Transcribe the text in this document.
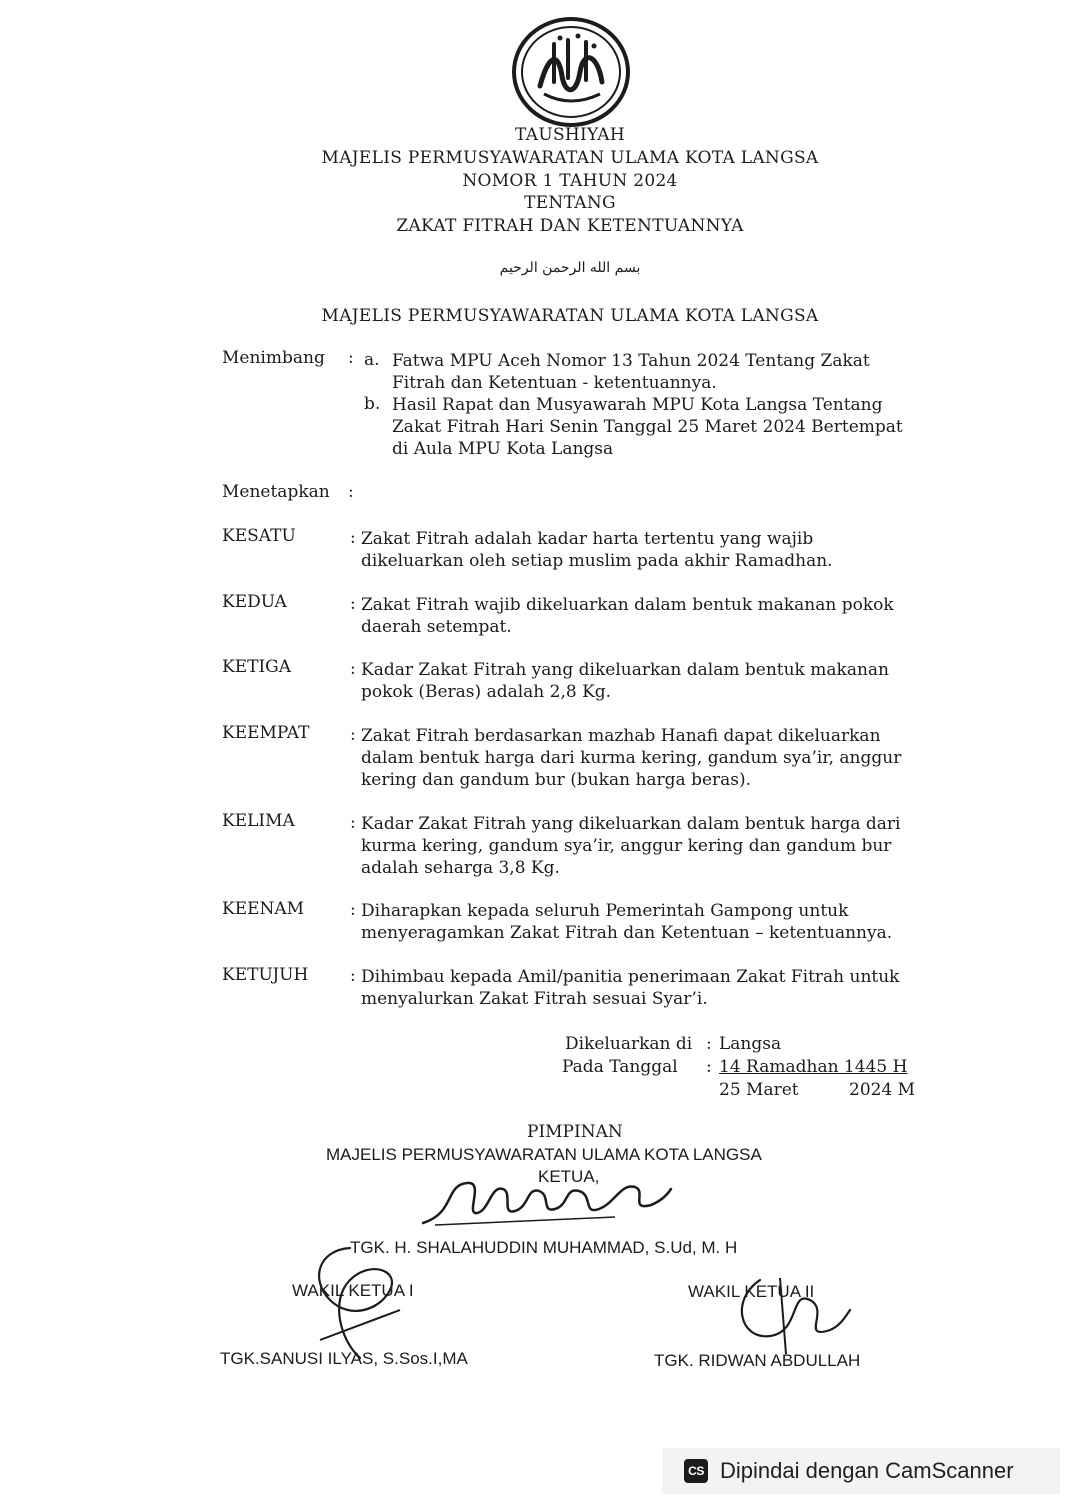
TAUSHIYAH
MAJELIS PERMUSYAWARATAN ULAMA KOTA LANGSA
NOMOR 1 TAHUN 2024
TENTANG
ZAKAT FITRAH DAN KETENTUANNYA
بسم الله الرحمن الرحيم
MAJELIS PERMUSYAWARATAN ULAMA KOTA LANGSA
Menimbang : a. Fatwa MPU Aceh Nomor 13 Tahun 2024 Tentang Zakat
Fitrah dan Ketentuan - ketentuannya.
b. Hasil Rapat dan Musyawarah MPU Kota Langsa Tentang
Zakat Fitrah Hari Senin Tanggal 25 Maret 2024 Bertempat
di Aula MPU Kota Langsa
Menetapkan :
KESATU	: Zakat Fitrah adalah kadar harta tertentu yang wajib
dikeluarkan oleh setiap muslim pada akhir Ramadhan.
KEDUA	: Zakat Fitrah wajib dikeluarkan dalam bentuk makanan pokok
daerah setempat.
KETIGA	: Kadar Zakat Fitrah yang dikeluarkan dalam bentuk makanan
pokok (Beras) adalah 2,8 Kg.
KEEMPAT : Zakat Fitrah berdasarkan mazhab Hanafi dapat dikeluarkan
dalam bentuk harga dari kurma kering, gandum sya’ir, anggur
kering dan gandum bur (bukan harga beras).
KELIMA	: Kadar Zakat Fitrah yang dikeluarkan dalam bentuk harga dari
kurma kering, gandum sya’ir, anggur kering dan gandum bur
adalah seharga 3,8 Kg.
KEENAM	: Diharapkan kepada seluruh Pemerintah Gampong untuk
menyeragamkan Zakat Fitrah dan Ketentuan – ketentuannya.
KETUJUH : Dihimbau kepada Amil/panitia penerimaan Zakat Fitrah untuk
menyalurkan Zakat Fitrah sesuai Syar’i.
Dikeluarkan di : Langsa
Pada Tanggal : 14 Ramadhan 1445 H
25 Maret	2024 M
PIMPINAN
MAJELIS PERMUSYAWARATAN ULAMA KOTA LANGSA
KETUA,
TGK. H. SHALAHUDDIN MUHAMMAD, S.Ud, M. H
WAKIL KETUA I
TGK.SANUSI ILYAS, S.Sos.I,MA
WAKIL KETUA II
TGK. RIDWAN ABDULLAH
CS Dipindai dengan CamScanner
